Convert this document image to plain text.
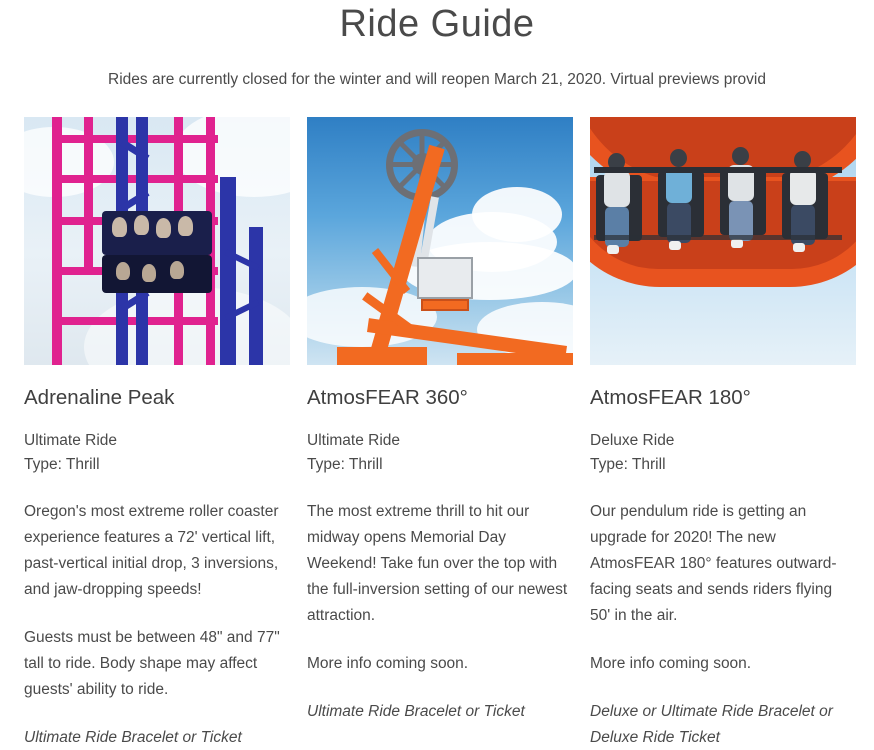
Ride Guide

Rides are currently closed for the winter and will reopen March 21, 2020. Virtual previews provid

Adrenaline Peak

Ultimate Ride
Type: Thrill

Oregon's most extreme roller coaster experience features a 72' vertical lift, past-vertical initial drop, 3 inversions, and jaw-dropping speeds!

Guests must be between 48" and 77" tall to ride. Body shape may affect guests' ability to ride.

Ultimate Ride Bracelet or Ticket

AtmosFEAR 360°

Ultimate Ride
Type: Thrill

The most extreme thrill to hit our midway opens Memorial Day Weekend! Take fun over the top with the full-inversion setting of our newest attraction.

More info coming soon.

Ultimate Ride Bracelet or Ticket

AtmosFEAR 180°

Deluxe Ride
Type: Thrill

Our pendulum ride is getting an upgrade for 2020! The new AtmosFEAR 180° features outward-facing seats and sends riders flying 50' in the air.

More info coming soon.

Deluxe or Ultimate Ride Bracelet or Deluxe Ride Ticket
